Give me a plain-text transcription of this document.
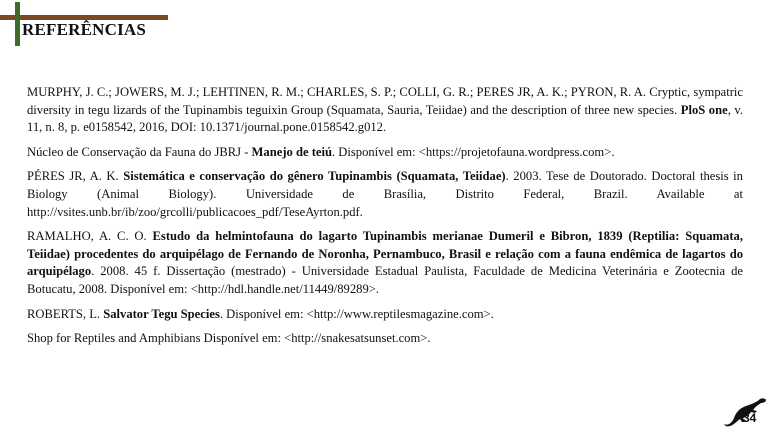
REFERÊNCIAS

MURPHY, J. C.; JOWERS, M. J.; LEHTINEN, R. M.; CHARLES, S. P.; COLLI, G. R.; PERES JR, A. K.; PYRON, R. A. Cryptic, sympatric diversity in tegu lizards of the Tupinambis teguixin Group (Squamata, Sauria, Teiidae) and the description of three new species. PloS one, v. 11, n. 8, p. e0158542, 2016, DOI: 10.1371/journal.pone.0158542.g012.

Núcleo de Conservação da Fauna do JBRJ - Manejo de teiú. Disponível em: <https://projetofauna.wordpress.com>.

PÉRES JR, A. K. Sistemática e conservação do gênero Tupinambis (Squamata, Teiidae). 2003. Tese de Doutorado. Doctoral thesis in Biology (Animal Biology). Universidade de Brasília, Distrito Federal, Brazil. Available at http://vsites.unb.br/ib/zoo/grcolli/publicacoes_pdf/TeseAyrton.pdf.

RAMALHO, A. C. O. Estudo da helmintofauna do lagarto Tupinambis merianae Dumeril e Bibron, 1839 (Reptilia: Squamata, Teiidae) procedentes do arquipélago de Fernando de Noronha, Pernambuco, Brasil e relação com a fauna endêmica de lagartos do arquipélago. 2008. 45 f. Dissertação (mestrado) - Universidade Estadual Paulista, Faculdade de Medicina Veterinária e Zootecnia de Botucatu, 2008. Disponível em: <http://hdl.handle.net/11449/89289>.

ROBERTS, L. Salvator Tegu Species. Disponível em: <http://www.reptilesmagazine.com>.

Shop for Reptiles and Amphibians Disponível em: <http://snakesatsunset.com>.

34
